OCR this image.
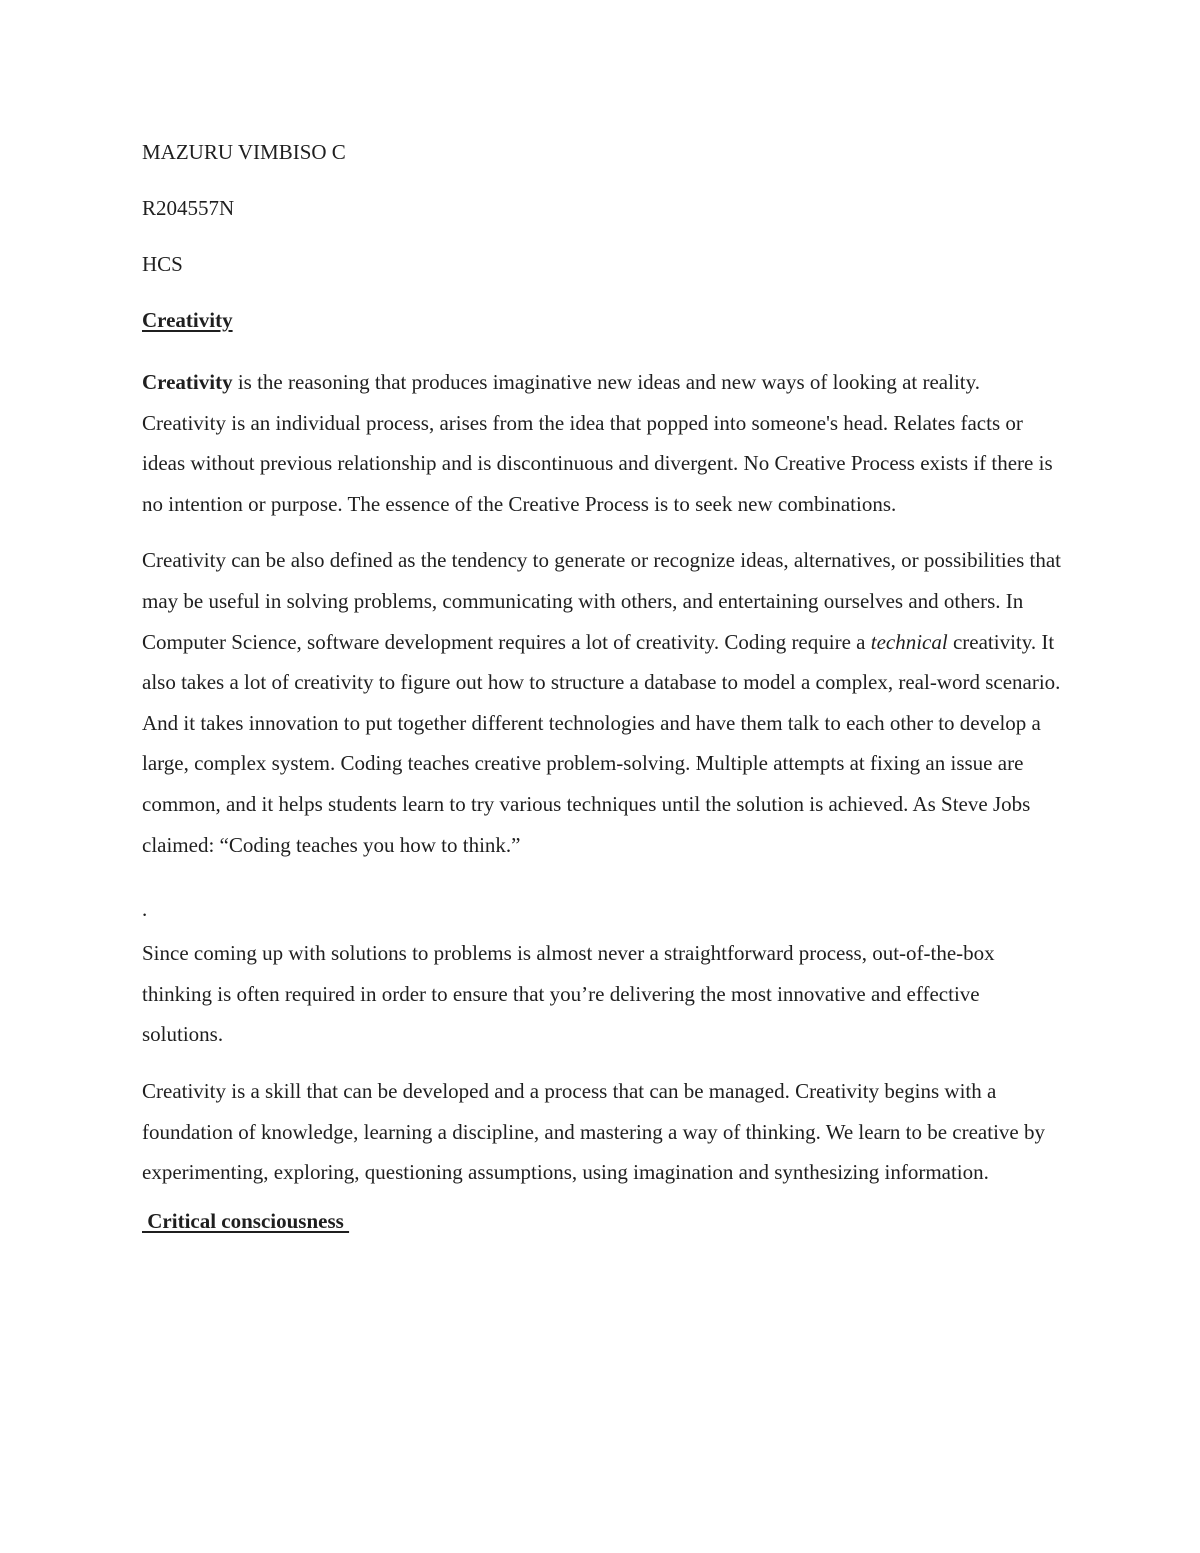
MAZURU VIMBISO C
R204557N
HCS
Creativity

Creativity is the reasoning that produces imaginative new ideas and new ways of looking at reality. Creativity is an individual process, arises from the idea that popped into someone's head. Relates facts or ideas without previous relationship and is discontinuous and divergent. No Creative Process exists if there is no intention or purpose. The essence of the Creative Process is to seek new combinations.

Creativity can be also defined as the tendency to generate or recognize ideas, alternatives, or possibilities that may be useful in solving problems, communicating with others, and entertaining ourselves and others. In Computer Science, software development requires a lot of creativity. Coding require a technical creativity. It also takes a lot of creativity to figure out how to structure a database to model a complex, real-word scenario. And it takes innovation to put together different technologies and have them talk to each other to develop a large, complex system. Coding teaches creative problem-solving. Multiple attempts at fixing an issue are common, and it helps students learn to try various techniques until the solution is achieved. As Steve Jobs claimed: “Coding teaches you how to think.”

.

Since coming up with solutions to problems is almost never a straightforward process, out-of-the-box thinking is often required in order to ensure that you’re delivering the most innovative and effective solutions.

Creativity is a skill that can be developed and a process that can be managed. Creativity begins with a foundation of knowledge, learning a discipline, and mastering a way of thinking. We learn to be creative by experimenting, exploring, questioning assumptions, using imagination and synthesizing information.

Critical consciousness
